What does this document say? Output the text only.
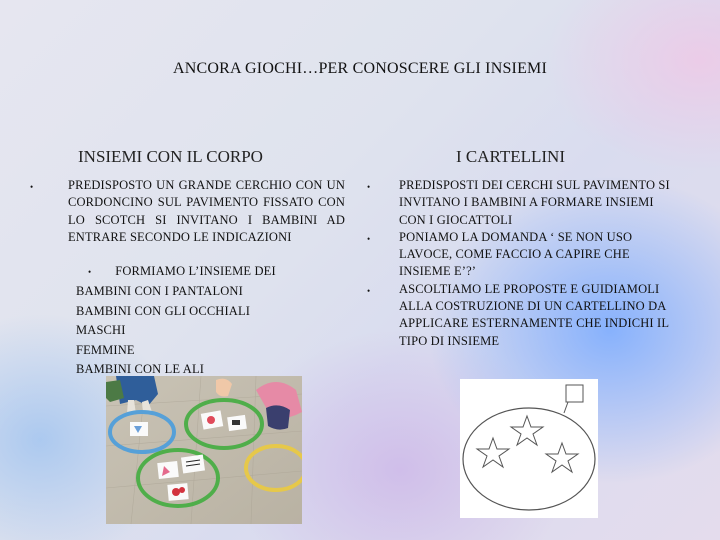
ANCORA GIOCHI…PER CONOSCERE GLI INSIEMI
INSIEMI CON IL CORPO	I CARTELLINI
•	PREDISPOSTO UN GRANDE CERCHIO CON UN CORDONCINO SUL PAVIMENTO FISSATO CON LO SCOTCH SI INVITANO I BAMBINI AD ENTRARE SECONDO LE INDICAZIONI
• FORMIAMO L’INSIEME DEI
BAMBINI CON I PANTALONI
BAMBINI CON GLI OCCHIALI
MASCHI
FEMMINE
BAMBINI CON LE ALI
•	PREDISPOSTI DEI CERCHI SUL PAVIMENTO SI INVITANO I BAMBINI A FORMARE INSIEMI CON I GIOCATTOLI
•	PONIAMO LA DOMANDA ‘ SE NON USO LAVOCE, COME FACCIO A CAPIRE CHE INSIEME E’?’
•	ASCOLTIAMO LE PROPOSTE E GUIDIAMOLI ALLA COSTRUZIONE DI UN CARTELLINO DA APPLICARE ESTERNAMENTE CHE INDICHI IL TIPO DI INSIEME
